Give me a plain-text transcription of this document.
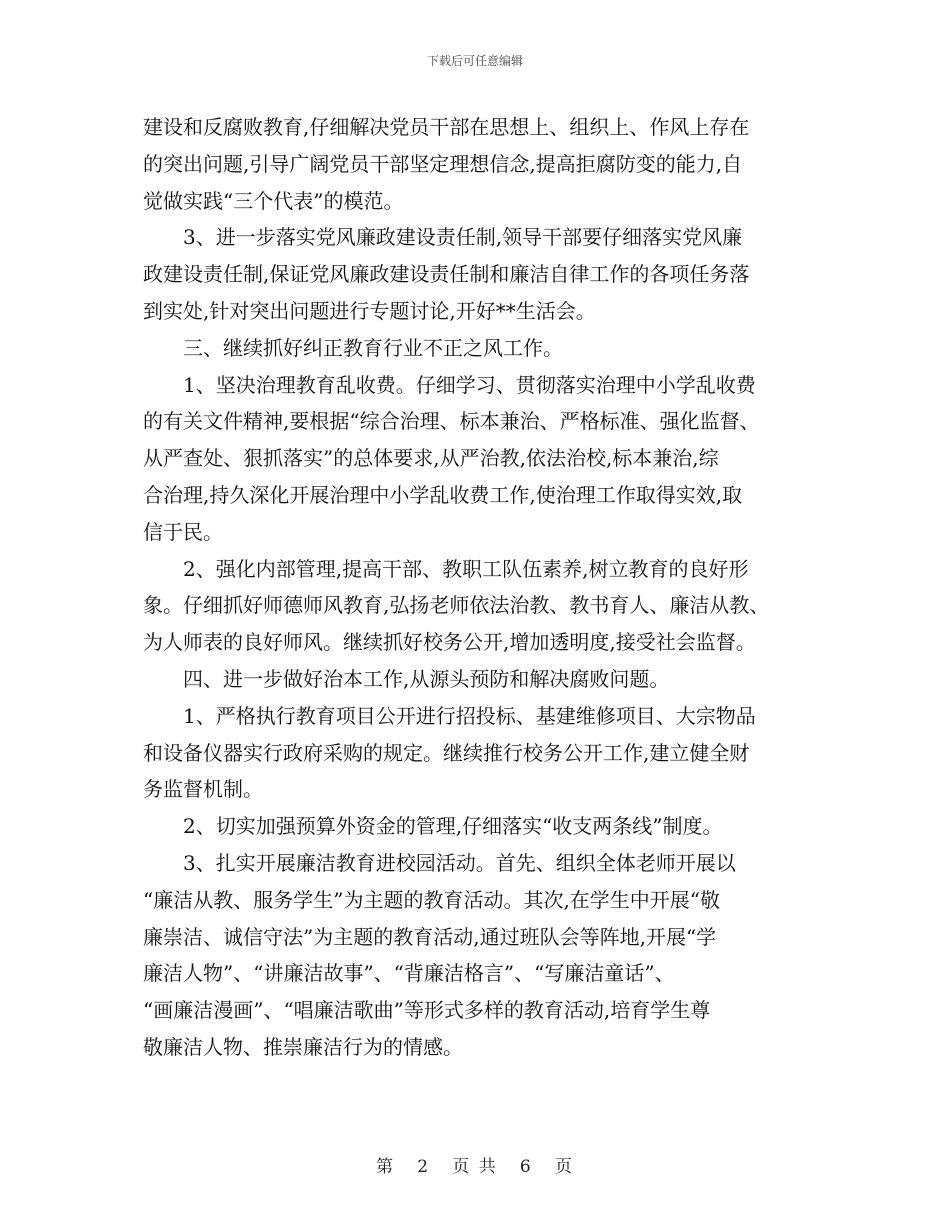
下载后可任意编辑
建设和反腐败教育,仔细解决党员干部在思想上、组织上、作风上存在
的突出问题,引导广阔党员干部坚定理想信念,提高拒腐防变的能力,自
觉做实践“三个代表”的模范。
3、进一步落实党风廉政建设责任制,领导干部要仔细落实党风廉
政建设责任制,保证党风廉政建设责任制和廉洁自律工作的各项任务落
到实处,针对突出问题进行专题讨论,开好**生活会。
三、继续抓好纠正教育行业不正之风工作。
1、坚决治理教育乱收费。仔细学习、贯彻落实治理中小学乱收费
的有关文件精神,要根据“综合治理、标本兼治、严格标准、强化监督、
从严查处、狠抓落实”的总体要求,从严治教,依法治校,标本兼治,综
合治理,持久深化开展治理中小学乱收费工作,使治理工作取得实效,取
信于民。
2、强化内部管理,提高干部、教职工队伍素养,树立教育的良好形
象。仔细抓好师德师风教育,弘扬老师依法治教、教书育人、廉洁从教、
为人师表的良好师风。继续抓好校务公开,增加透明度,接受社会监督。
四、进一步做好治本工作,从源头预防和解决腐败问题。
1、严格执行教育项目公开进行招投标、基建维修项目、大宗物品
和设备仪器实行政府采购的规定。继续推行校务公开工作,建立健全财
务监督机制。
2、切实加强预算外资金的管理,仔细落实“收支两条线”制度。
3、扎实开展廉洁教育进校园活动。首先、组织全体老师开展以
“廉洁从教、服务学生”为主题的教育活动。其次,在学生中开展“敬
廉崇洁、诚信守法”为主题的教育活动,通过班队会等阵地,开展“学
廉洁人物”、“讲廉洁故事”、“背廉洁格言”、“写廉洁童话”、
“画廉洁漫画”、“唱廉洁歌曲”等形式多样的教育活动,培育学生尊
敬廉洁人物、推崇廉洁行为的情感。
第 2 页 共 6 页
